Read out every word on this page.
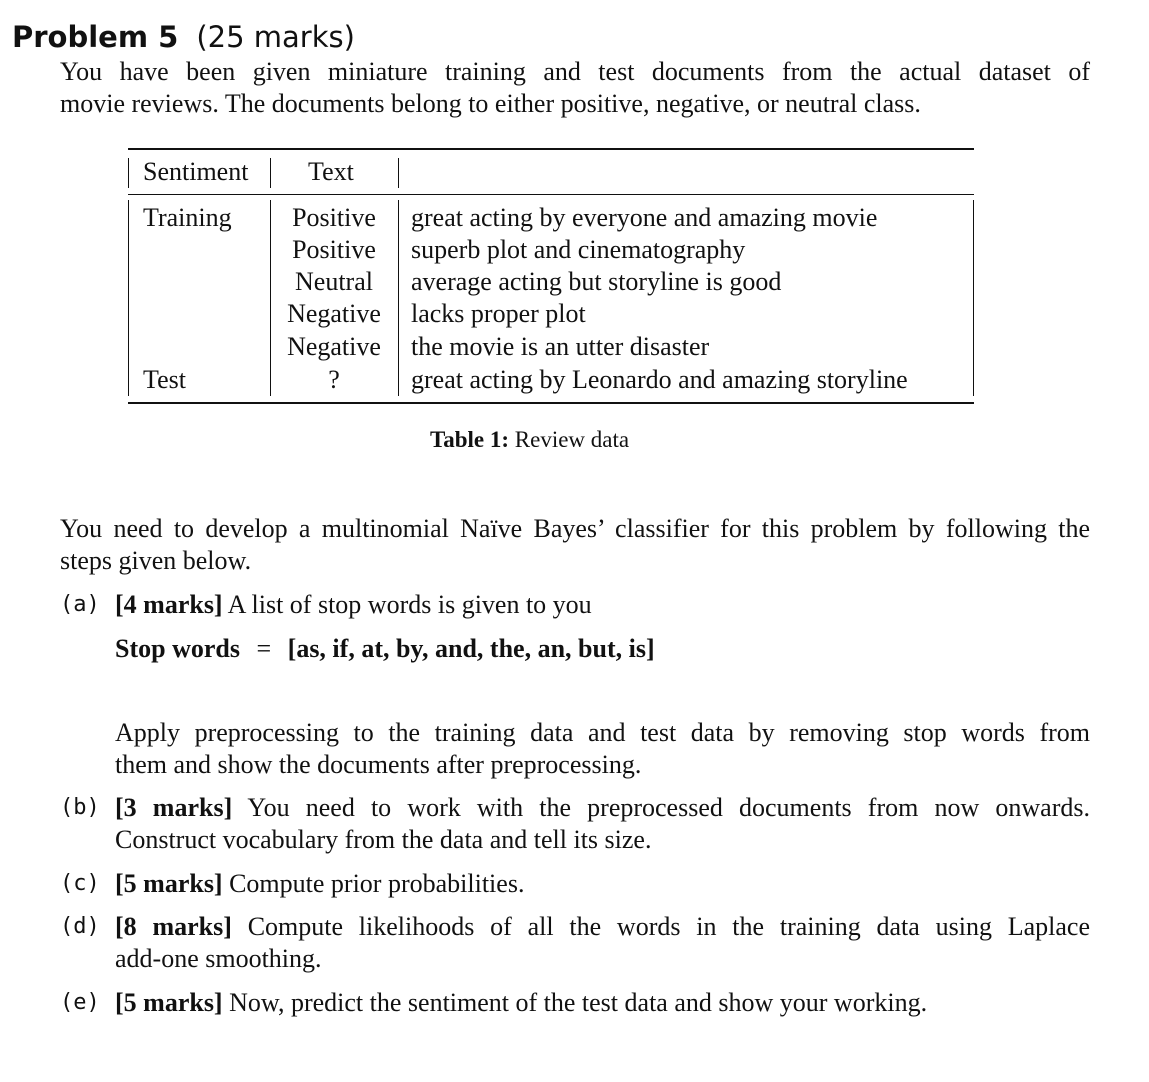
Problem 5 (25 marks)
You have been given miniature training and test documents from the actual dataset of
movie reviews. The documents belong to either positive, negative, or neutral class.
Sentiment Text
Training
Test
Positive
Positive
Neutral
Negative
Negative
?
great acting by everyone and amazing movie
superb plot and cinematography
average acting but storyline is good
lacks proper plot
the movie is an utter disaster
great acting by Leonardo and amazing storyline
Table 1: Review data
You need to develop a multinomial Naïve Bayes’ classifier for this problem by following the
steps given below.
(a) [4 marks] A list of stop words is given to you
Stop words = [as, if, at, by, and, the, an, but, is]
Apply preprocessing to the training data and test data by removing stop words from
them and show the documents after preprocessing.
(b) [3 marks] You need to work with the preprocessed documents from now onwards.
Construct vocabulary from the data and tell its size.
(c) [5 marks] Compute prior probabilities.
(d) [8 marks] Compute likelihoods of all the words in the training data using Laplace
add-one smoothing.
(e) [5 marks] Now, predict the sentiment of the test data and show your working.
